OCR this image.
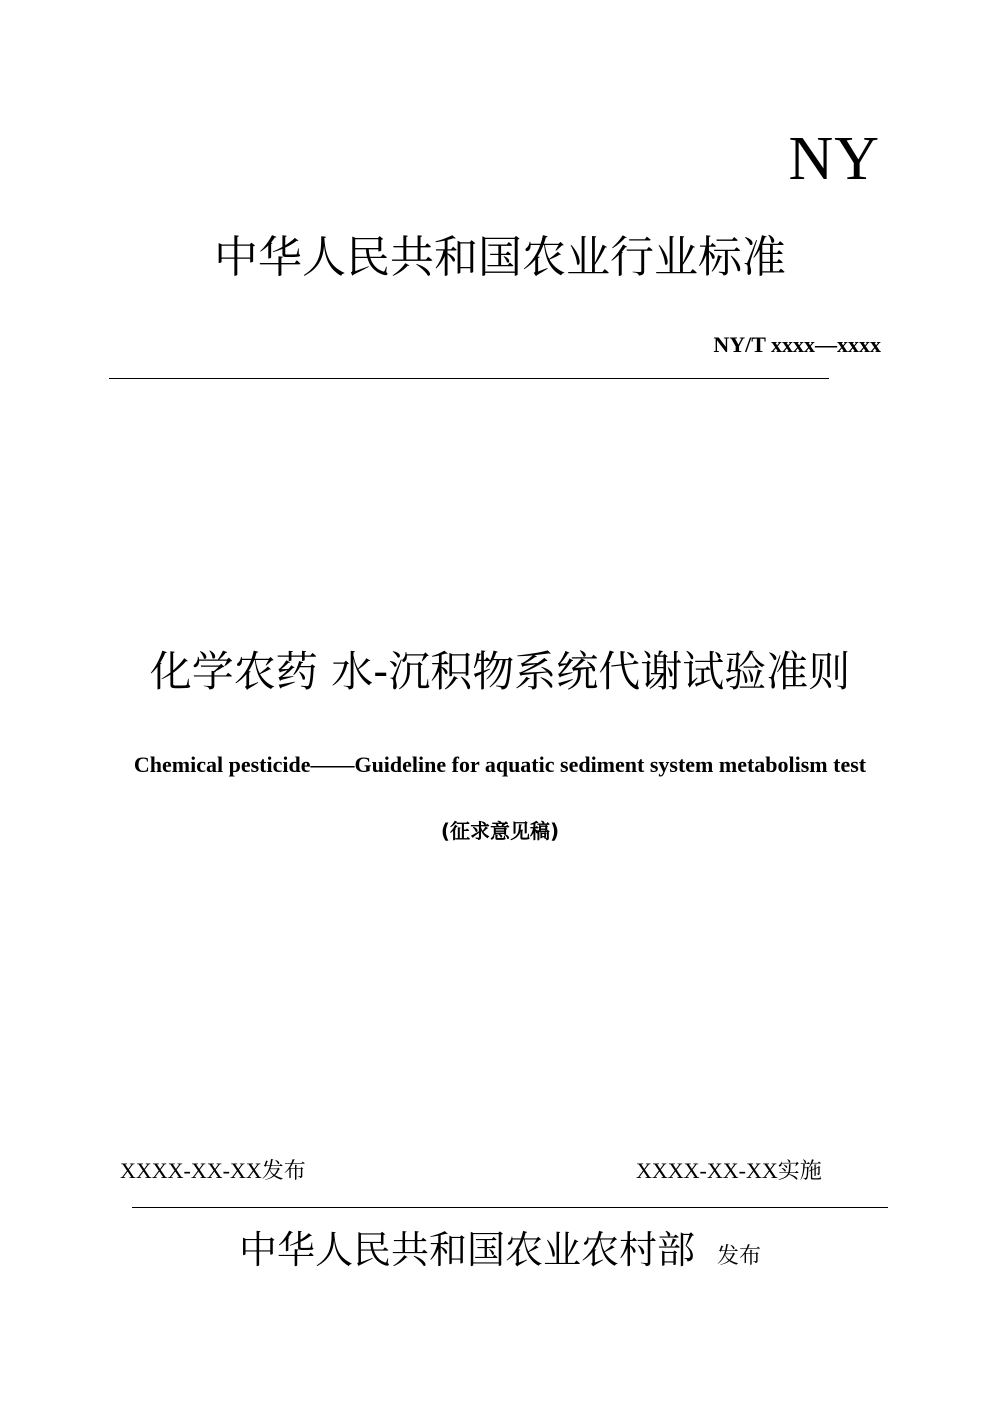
NY
中华人民共和国农业行业标准
NY/T xxxx—xxxx
化学农药 水-沉积物系统代谢试验准则
Chemical pesticide——Guideline for aquatic sediment system metabolism test
(征求意见稿)
XXXX-XX-XX发布	XXXX-XX-XX实施
中华人民共和国农业农村部 发布
